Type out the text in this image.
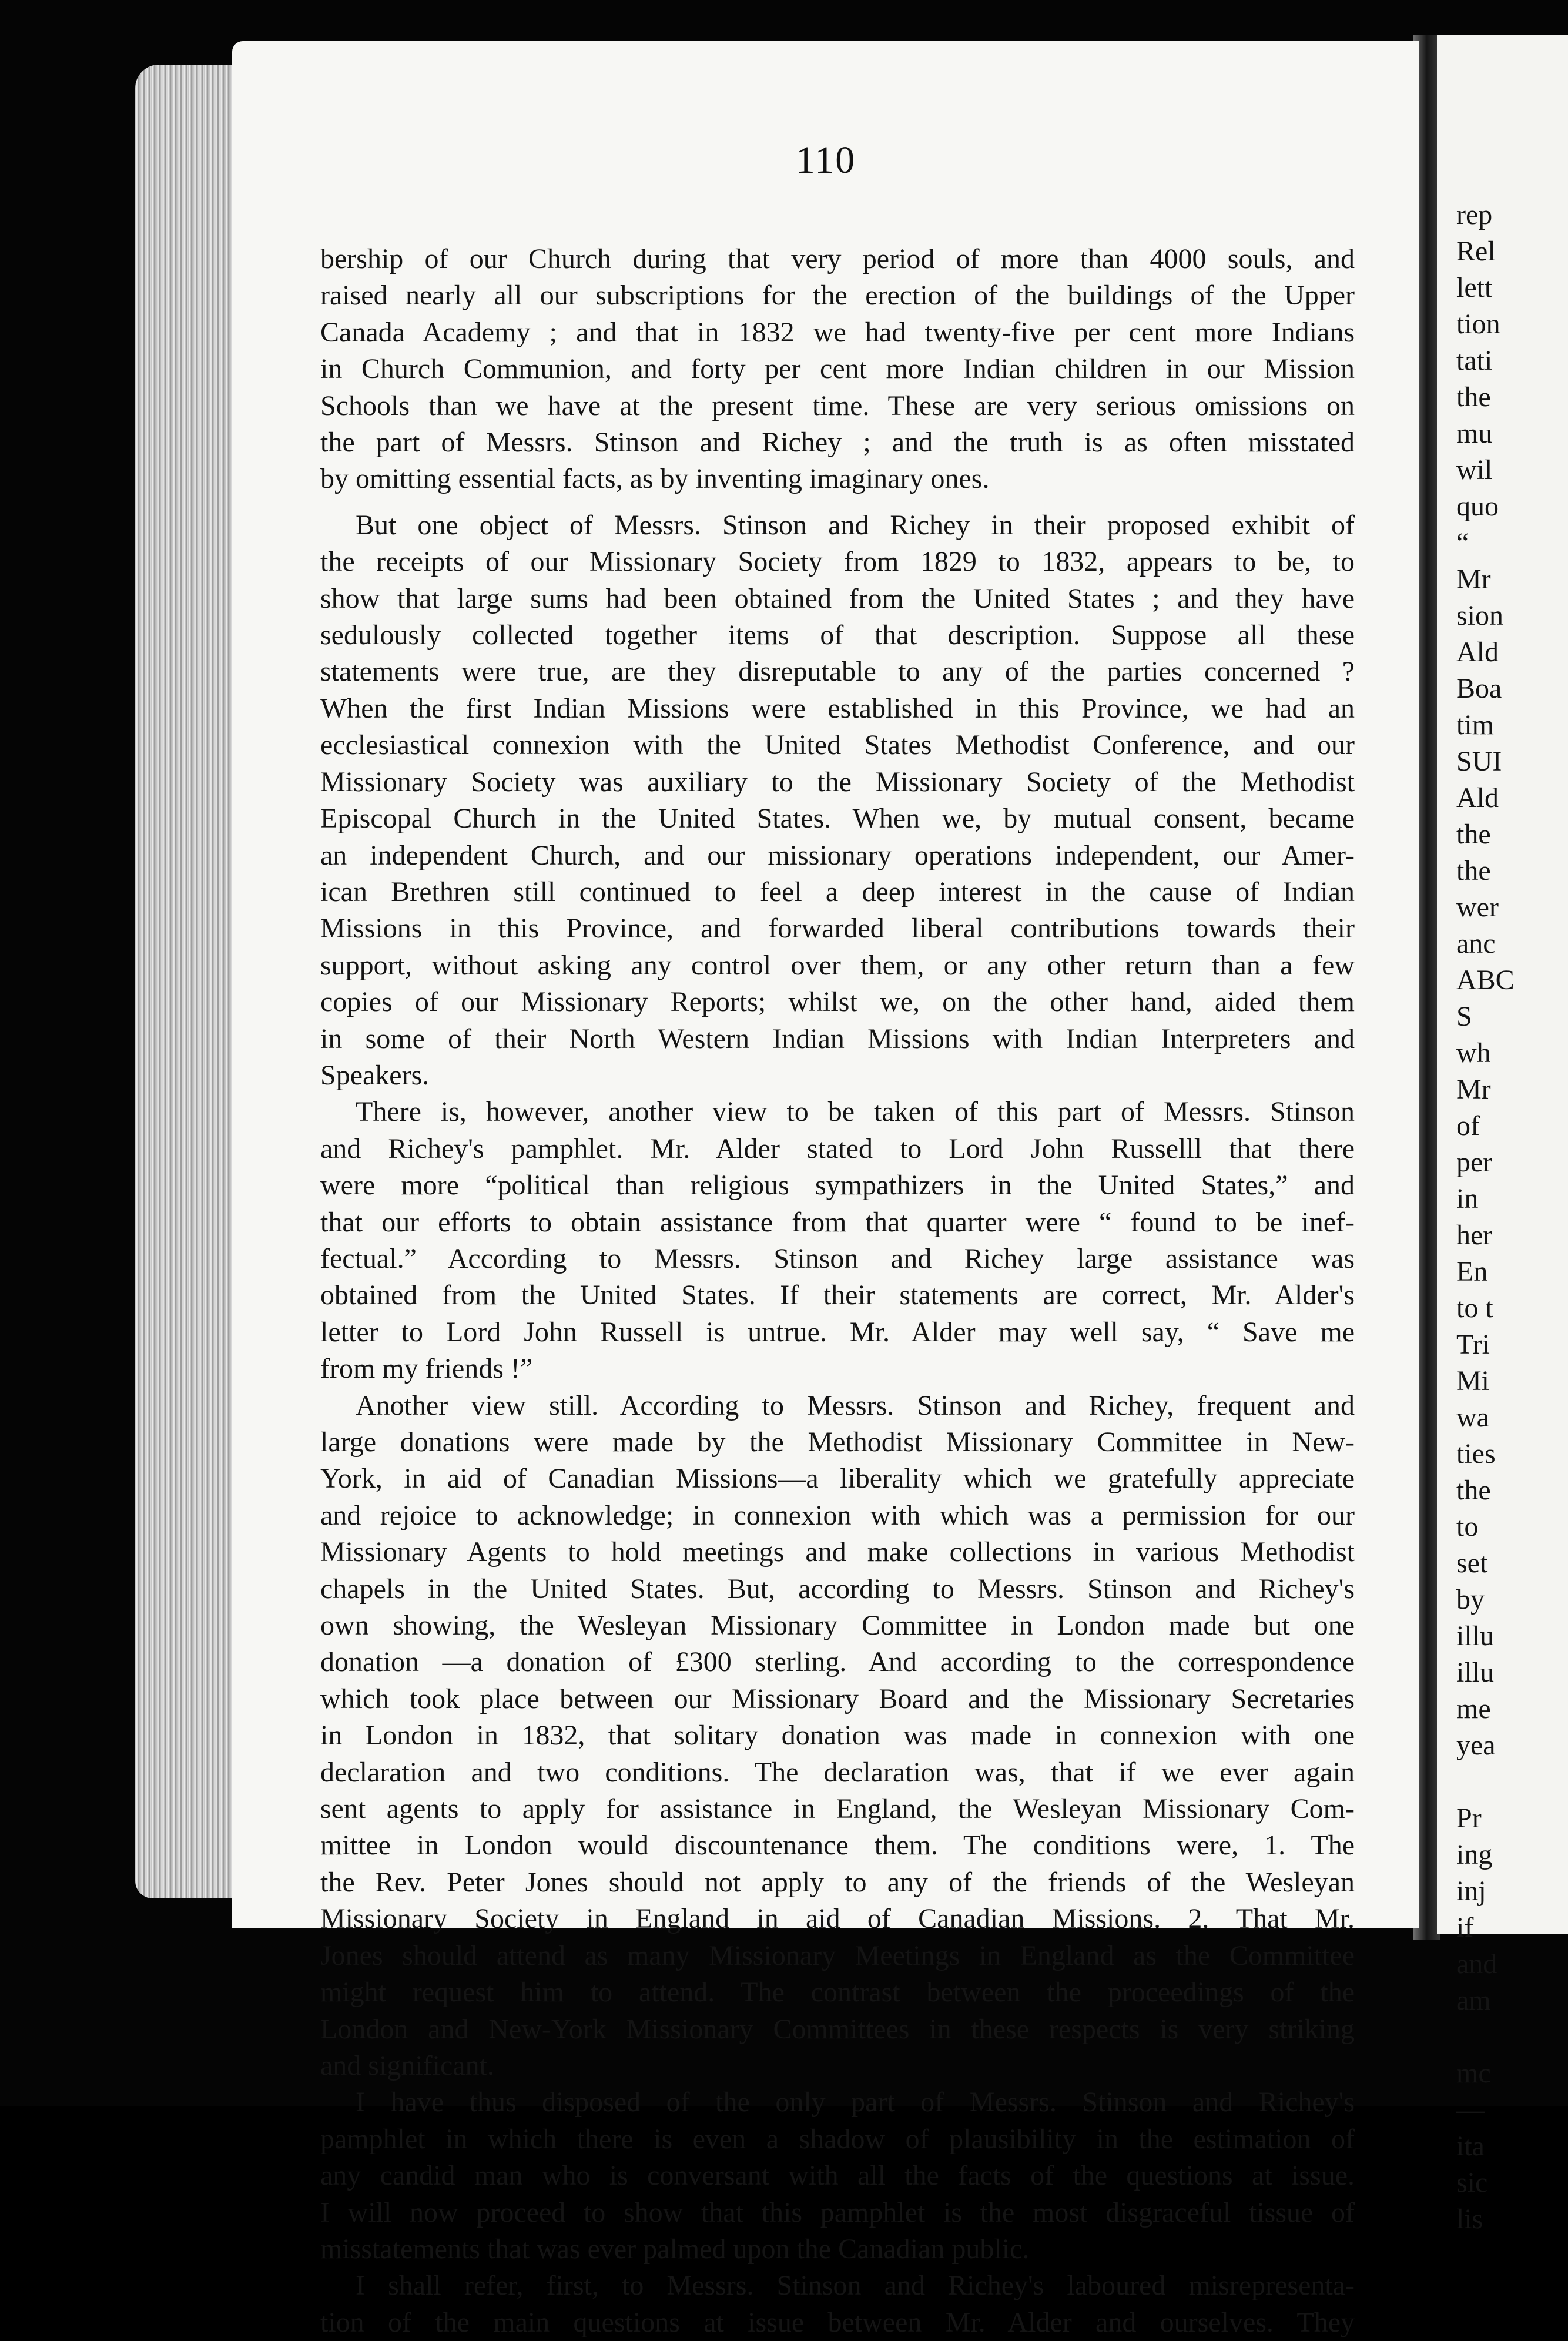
110

bership of our Church during that very period of more than 4000 souls, and
raised nearly all our subscriptions for the erection of the buildings of the Upper
Canada Academy ; and that in 1832 we had twenty-five per cent more Indians
in Church Communion, and forty per cent more Indian children in our Mission
Schools than we have at the present time. These are very serious omissions on
the part of Messrs. Stinson and Richey ; and the truth is as often misstated
by omitting essential facts, as by inventing imaginary ones.
But one object of Messrs. Stinson and Richey in their proposed exhibit of
the receipts of our Missionary Society from 1829 to 1832, appears to be, to
show that large sums had been obtained from the United States ; and they have
sedulously collected together items of that description. Suppose all these
statements were true, are they disreputable to any of the parties concerned ?
When the first Indian Missions were established in this Province, we had an
ecclesiastical connexion with the United States Methodist Conference, and our
Missionary Society was auxiliary to the Missionary Society of the Methodist
Episcopal Church in the United States. When we, by mutual consent, became
an independent Church, and our missionary operations independent, our Amer-
ican Brethren still continued to feel a deep interest in the cause of Indian
Missions in this Province, and forwarded liberal contributions towards their
support, without asking any control over them, or any other return than a few
copies of our Missionary Reports; whilst we, on the other hand, aided them
in some of their North Western Indian Missions with Indian Interpreters and
Speakers.
There is, however, another view to be taken of this part of Messrs. Stinson
and Richey's pamphlet. Mr. Alder stated to Lord John Russelll that there
were more “political than religious sympathizers in the United States,” and
that our efforts to obtain assistance from that quarter were “ found to be inef-
fectual.” According to Messrs. Stinson and Richey large assistance was
obtained from the United States. If their statements are correct, Mr. Alder's
letter to Lord John Russell is untrue. Mr. Alder may well say, “ Save me
from my friends !”
Another view still. According to Messrs. Stinson and Richey, frequent and
large donations were made by the Methodist Missionary Committee in New-
York, in aid of Canadian Missions—a liberality which we gratefully appreciate
and rejoice to acknowledge; in connexion with which was a permission for our
Missionary Agents to hold meetings and make collections in various Methodist
chapels in the United States. But, according to Messrs. Stinson and Richey's
own showing, the Wesleyan Missionary Committee in London made but one
donation —a donation of £300 sterling. And according to the correspondence
which took place between our Missionary Board and the Missionary Secretaries
in London in 1832, that solitary donation was made in connexion with one
declaration and two conditions. The declaration was, that if we ever again
sent agents to apply for assistance in England, the Wesleyan Missionary Com-
mittee in London would discountenance them. The conditions were, 1. The
the Rev. Peter Jones should not apply to any of the friends of the Wesleyan
Missionary Society in England in aid of Canadian Missions. 2. That Mr.
Jones should attend as many Missionary Meetings in England as the Committee
might request him to attend. The contrast between the proceedings of the
London and New-York Missionary Committees in these respects is very striking
and significant.
I have thus disposed of the only part of Messrs. Stinson and Richey's
pamphlet in which there is even a shadow of plausibility in the estimation of
any candid man who is conversant with all the facts of the questions at issue.
I will now proceed to show that this pamphlet is the most disgraceful tissue of
misstatements that was ever palmed upon the Canadian public.
I shall refer, first, to Messrs. Stinson and Richey's laboured misrepresenta-
tion of the main questions at issue between Mr. Alder and ourselves. They
rep
Rel
lett
tion
tati
the
mu
wil
quo
“
Mr
sion
Ald
Boa
tim
SUI
Ald
the
the
wer
anc
ABC
S
wh
Mr
of
per
in
her
En
to t
Tri
Mi
wa
ties
the
to
set
by
illu
illu
me
yea
Pr
ing
inj
if
and
am
mc
—
ita
sic
lis
